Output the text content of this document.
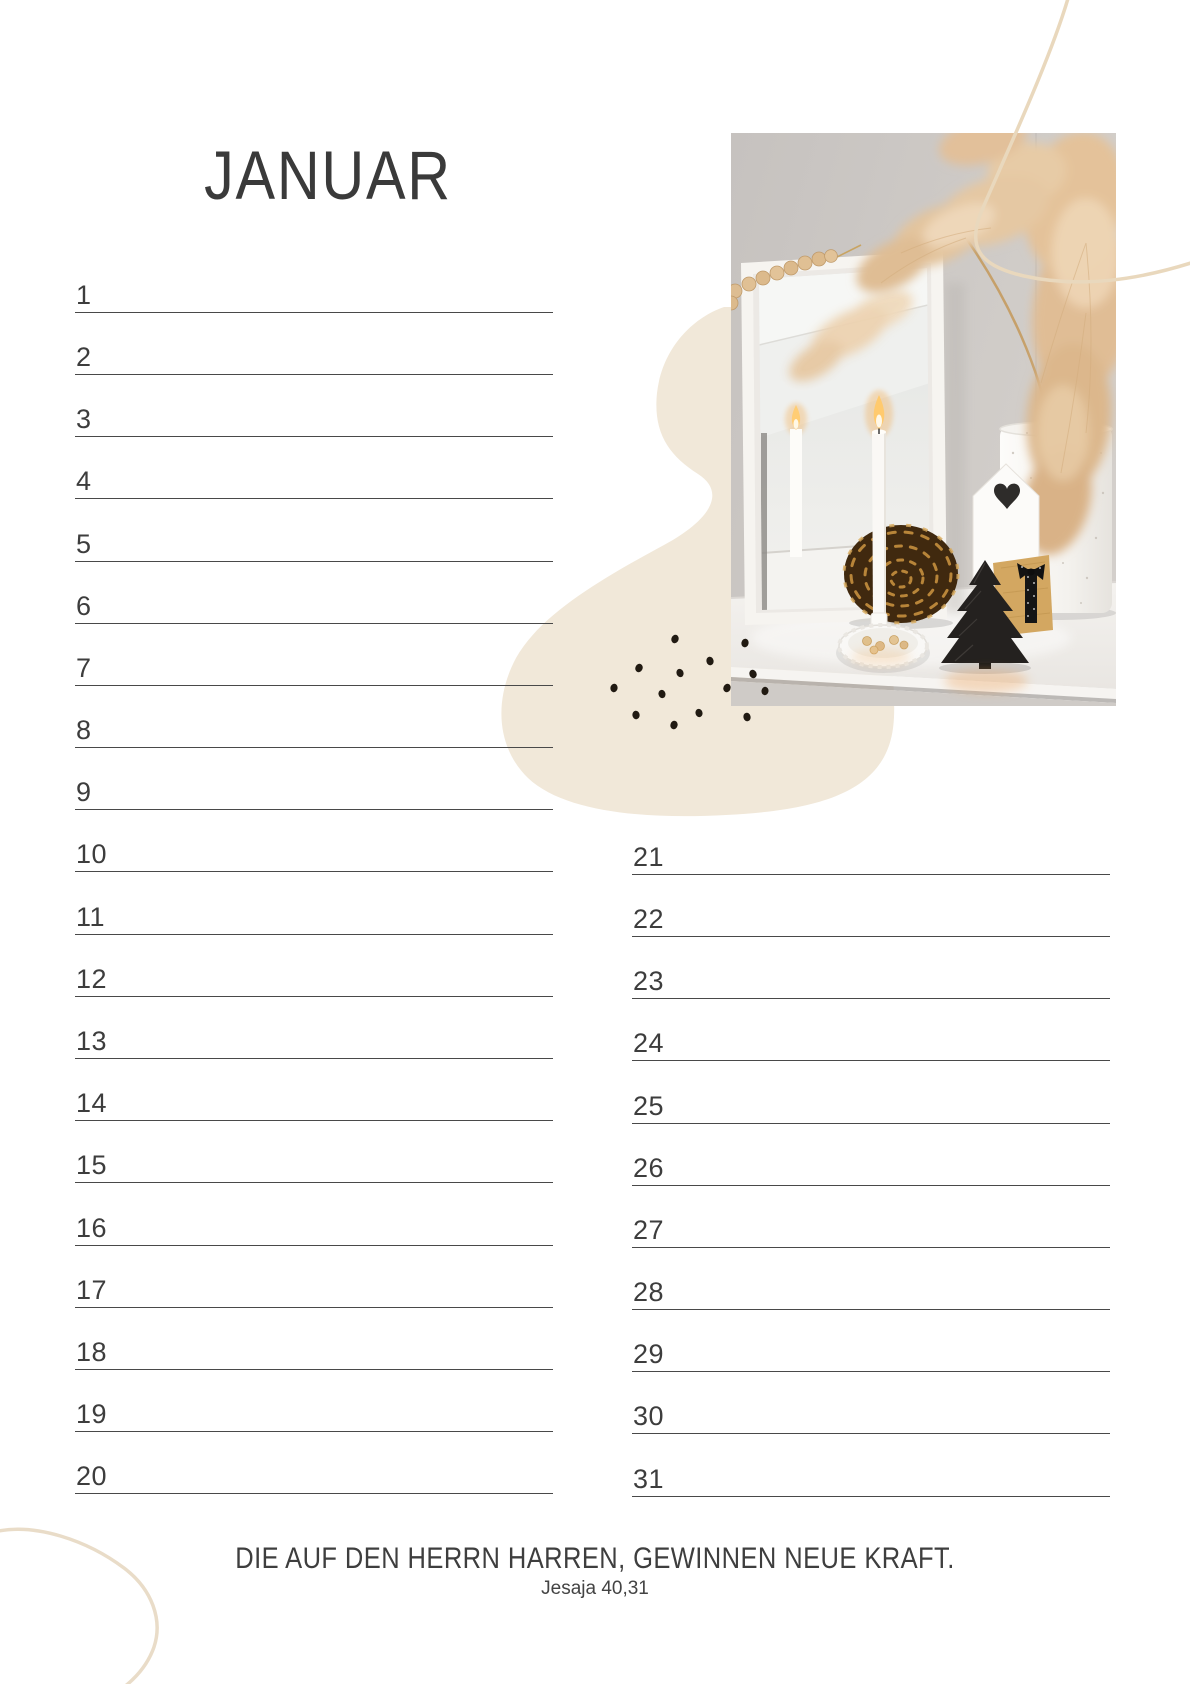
JANUAR
1
2
3
4
5
6
7
8
9
10
11
12
13
14
15
16
17
18
19
20
21
22
23
24
25
26
27
28
29
30
31
DIE AUF DEN HERRN HARREN, GEWINNEN NEUE KRAFT.
Jesaja 40,31
